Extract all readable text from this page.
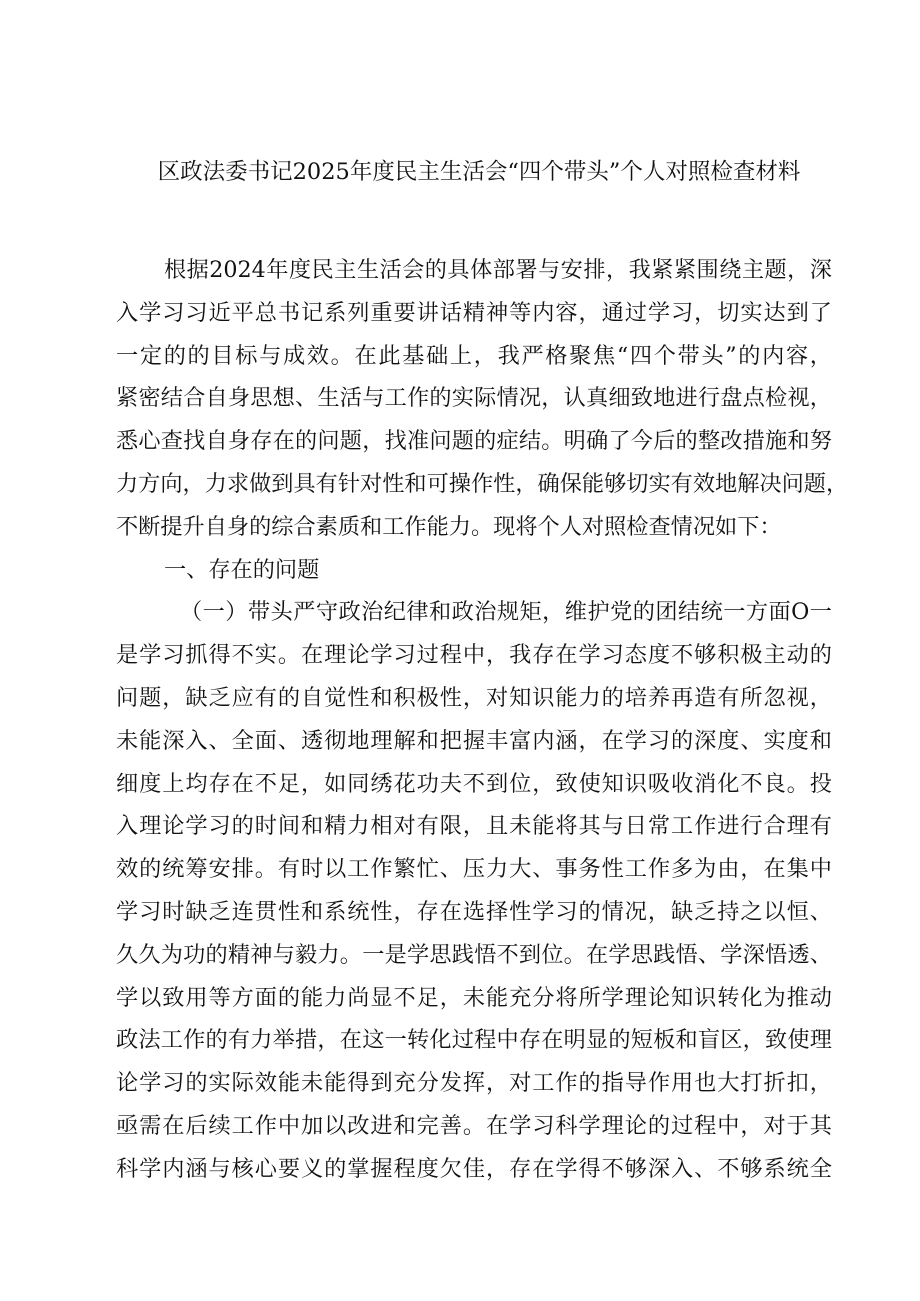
区政法委书记2025年度民主生活会“四个带头”个人对照检查材料
根据2024年度民主生活会的具体部署与安排，我紧紧围绕主题，深
入学习习近平总书记系列重要讲话精神等内容，通过学习，切实达到了
一定的的目标与成效。在此基础上，我严格聚焦“四个带头”的内容，
紧密结合自身思想、生活与工作的实际情况，认真细致地进行盘点检视，
悉心查找自身存在的问题，找准问题的症结。明确了今后的整改措施和努
力方向，力求做到具有针对性和可操作性，确保能够切实有效地解决问题，
不断提升自身的综合素质和工作能力。现将个人对照检查情况如下：
一、存在的问题
（一）带头严守政治纪律和政治规矩，维护党的团结统一方面O一
是学习抓得不实。在理论学习过程中，我存在学习态度不够积极主动的
问题，缺乏应有的自觉性和积极性，对知识能力的培养再造有所忽视，
未能深入、全面、透彻地理解和把握丰富内涵，在学习的深度、实度和
细度上均存在不足，如同绣花功夫不到位，致使知识吸收消化不良。投
入理论学习的时间和精力相对有限，且未能将其与日常工作进行合理有
效的统筹安排。有时以工作繁忙、压力大、事务性工作多为由，在集中
学习时缺乏连贯性和系统性，存在选择性学习的情况，缺乏持之以恒、
久久为功的精神与毅力。一是学思践悟不到位。在学思践悟、学深悟透、
学以致用等方面的能力尚显不足，未能充分将所学理论知识转化为推动
政法工作的有力举措，在这一转化过程中存在明显的短板和盲区，致使理
论学习的实际效能未能得到充分发挥，对工作的指导作用也大打折扣，
亟需在后续工作中加以改进和完善。在学习科学理论的过程中，对于其
科学内涵与核心要义的掌握程度欠佳，存在学得不够深入、不够系统全
